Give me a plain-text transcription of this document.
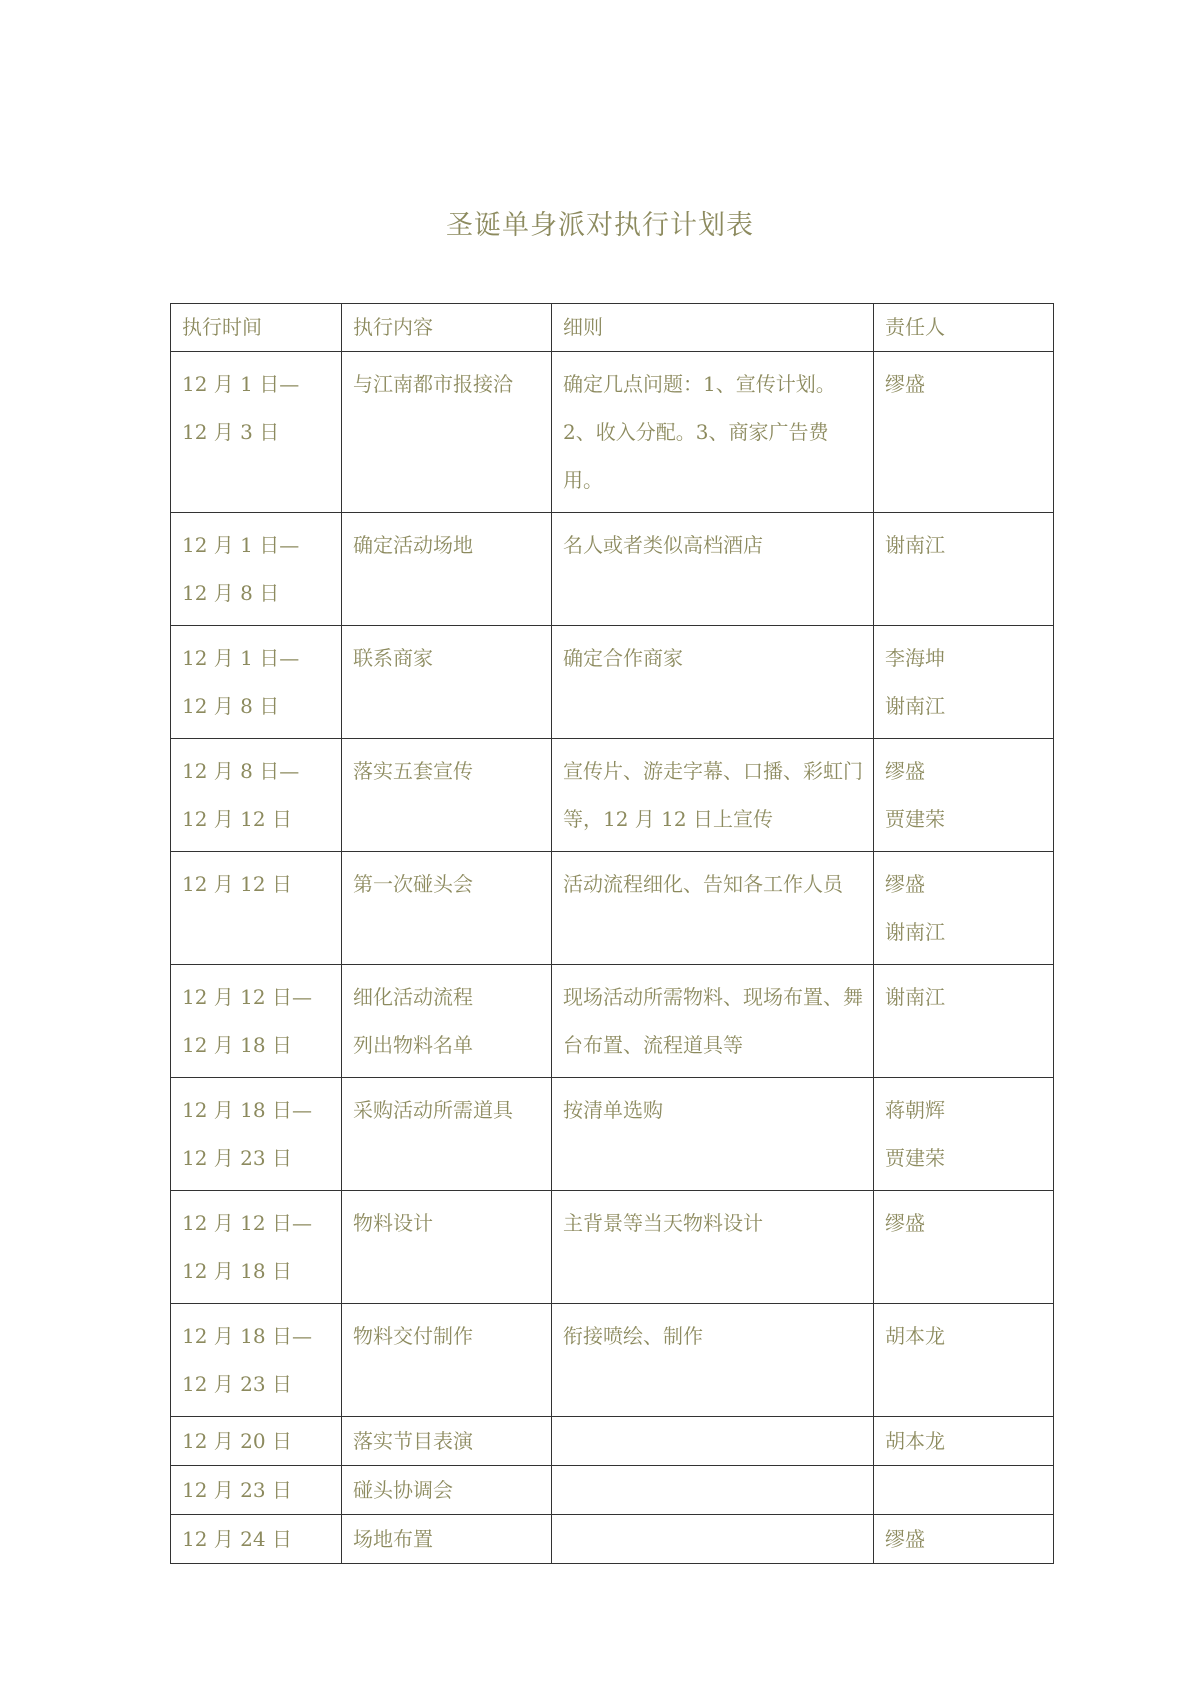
圣诞单身派对执行计划表
执行时间	执行内容	细则	责任人

12 月 1 日—
12 月 3 日	与江南都市报接洽	确定几点问题：1、宣传计划。2、收入分配。3、商家广告费用。	缪盛

12 月 1 日—
12 月 8 日	确定活动场地	名人或者类似高档酒店	谢南江

12 月 1 日—
12 月 8 日	联系商家	确定合作商家	李海坤
谢南江

12 月 8 日—
12 月 12 日	落实五套宣传	宣传片、游走字幕、口播、彩虹门等，12 月 12 日上宣传	缪盛
贾建荣

12 月 12 日	第一次碰头会	活动流程细化、告知各工作人员	缪盛
谢南江

12 月 12 日—
12 月 18 日	细化活动流程
列出物料名单	现场活动所需物料、现场布置、舞台布置、流程道具等	谢南江

12 月 18 日—
12 月 23 日	采购活动所需道具	按清单选购	蒋朝辉
贾建荣

12 月 12 日—
12 月 18 日	物料设计	主背景等当天物料设计	缪盛

12 月 18 日—
12 月 23 日	物料交付制作	衔接喷绘、制作	胡本龙

12 月 20 日	落实节目表演		胡本龙

12 月 23 日	碰头协调会		

12 月 24 日	场地布置		缪盛
